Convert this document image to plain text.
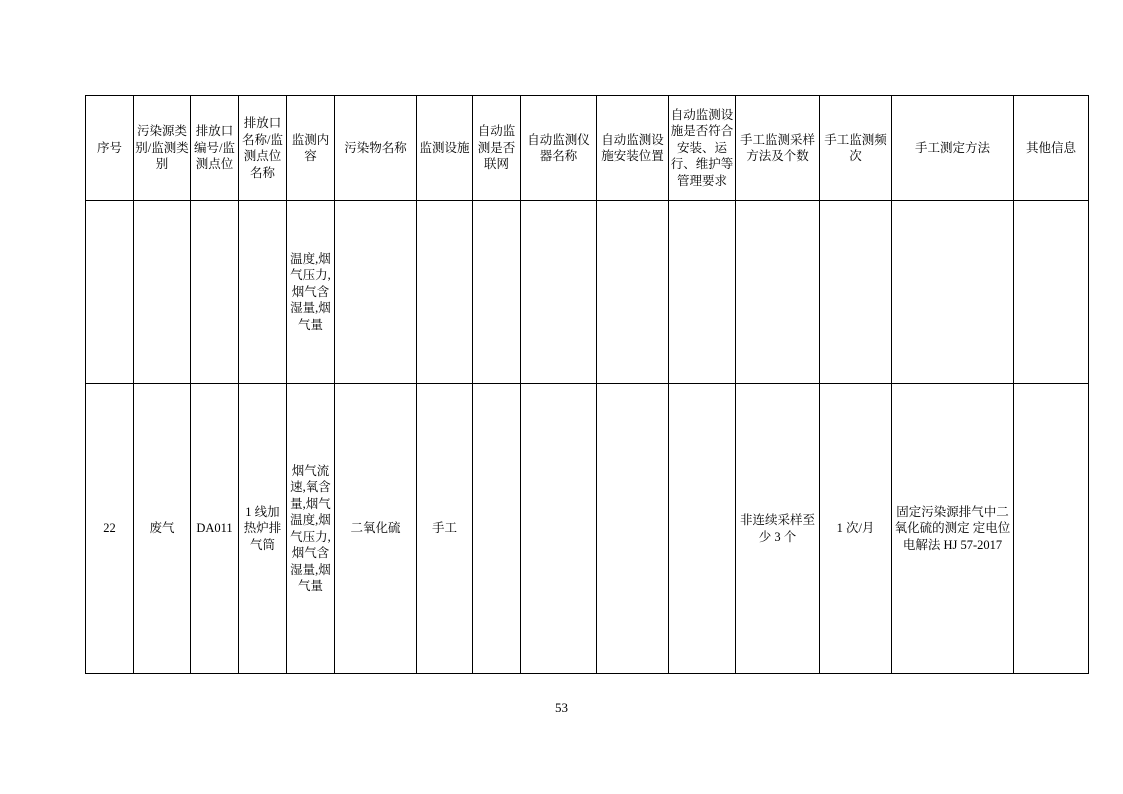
序号	污染源类别/监测类别	排放口编号/监测点位	排放口名称/监测点位名称	监测内容	污染物名称	监测设施	自动监测是否联网	自动监测仪器名称	自动监测设施安装位置	自动监测设施是否符合安装、运行、维护等管理要求	手工监测采样方法及个数	手工监测频次	手工测定方法	其他信息
				温度,烟气压力,烟气含湿量,烟气量										
22	废气	DA011	1 线加热炉排气筒	烟气流速,氧含量,烟气温度,烟气压力,烟气含湿量,烟气量	二氧化硫	手工					非连续采样至少 3 个	1 次/月	固定污染源排气中二氧化硫的测定 定电位电解法 HJ 57-2017	
53
